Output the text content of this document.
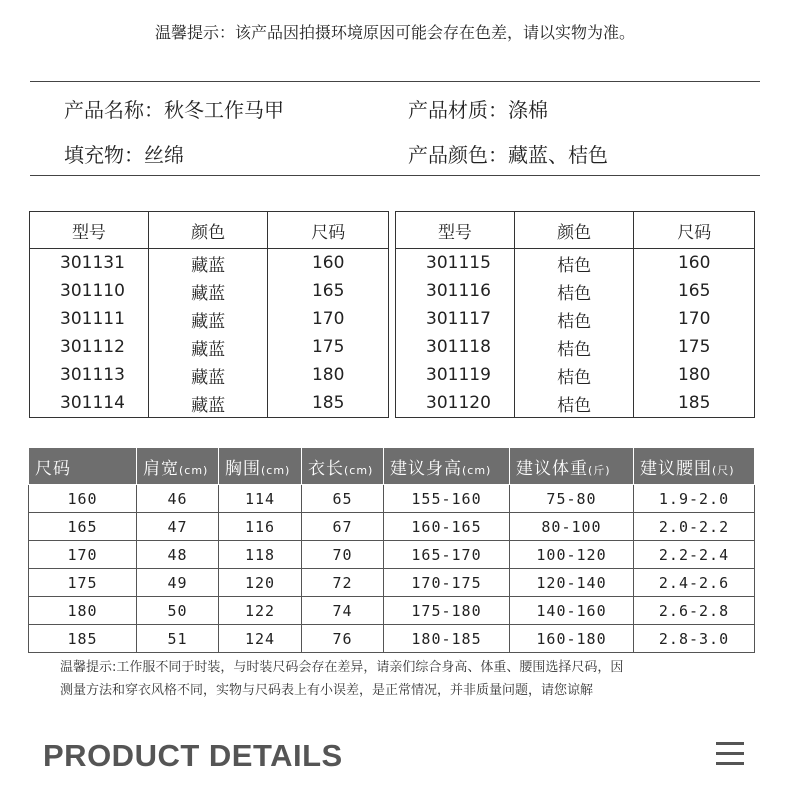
温馨提示：该产品因拍摄环境原因可能会存在色差，请以实物为准。
产品名称：秋冬工作马甲	产品材质：涤棉
填充物：丝绵	产品颜色：藏蓝、桔色
型号	颜色	尺码
301131	藏蓝	160
301110	藏蓝	165
301111	藏蓝	170
301112	藏蓝	175
301113	藏蓝	180
301114	藏蓝	185
型号	颜色	尺码
301115	桔色	160
301116	桔色	165
301117	桔色	170
301118	桔色	175
301119	桔色	180
301120	桔色	185
尺码	肩宽(cm)	胸围(cm)	衣长(cm)	建议身高(cm)	建议体重(斤)	建议腰围(尺)
160	46	114	65	155-160	75-80	1.9-2.0
165	47	116	67	160-165	80-100	2.0-2.2
170	48	118	70	165-170	100-120	2.2-2.4
175	49	120	72	170-175	120-140	2.4-2.6
180	50	122	74	175-180	140-160	2.6-2.8
185	51	124	76	180-185	160-180	2.8-3.0
温馨提示:工作服不同于时装，与时装尺码会存在差异，请亲们综合身高、体重、腰围选择尺码，因
测量方法和穿衣风格不同，实物与尺码表上有小误差，是正常情况，并非质量问题，请您谅解
PRODUCT DETAILS
